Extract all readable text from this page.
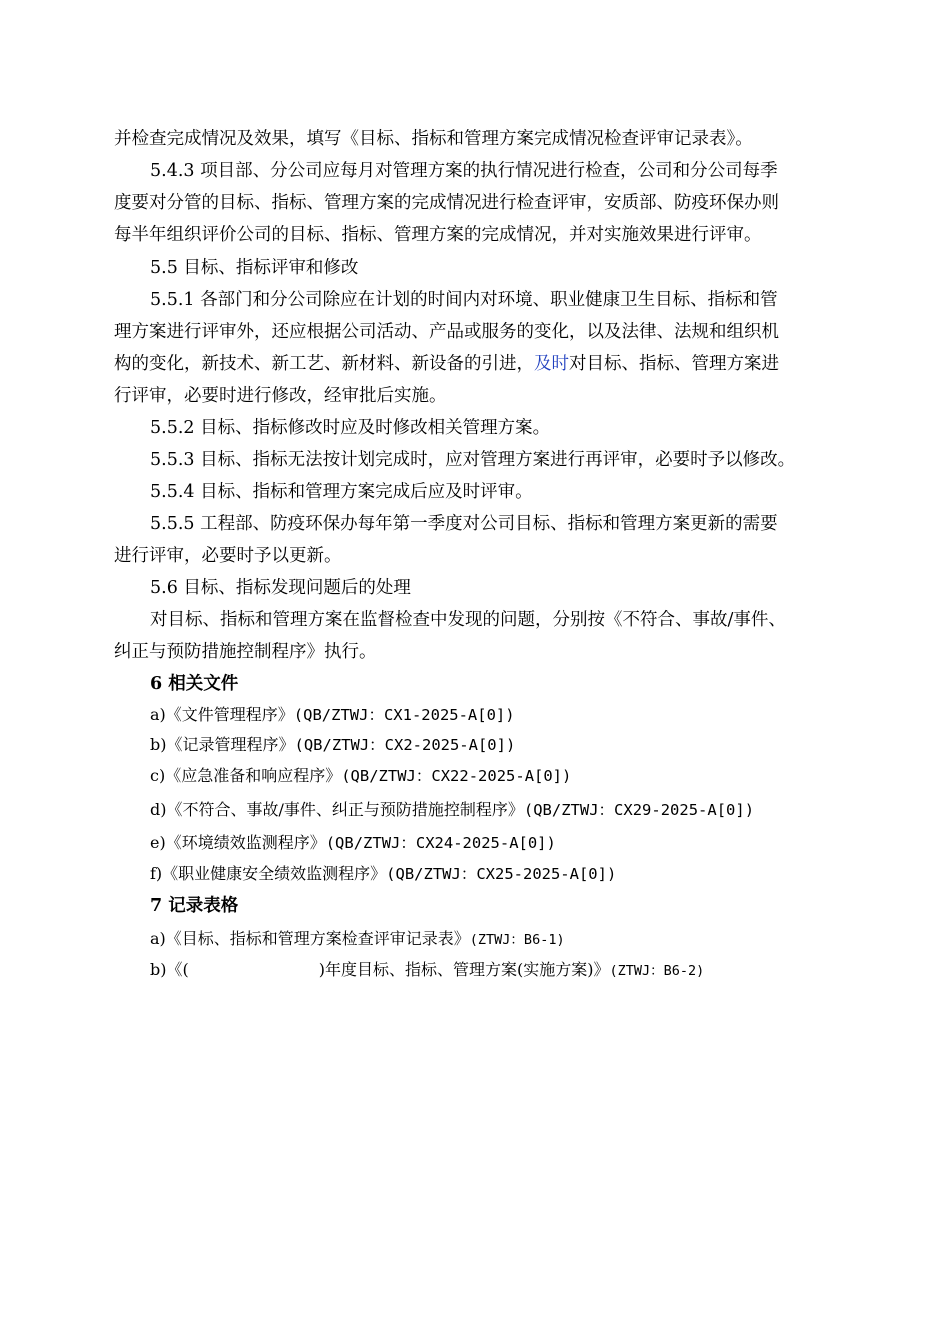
并检查完成情况及效果，填写《目标、指标和管理方案完成情况检查评审记录表》。
5.4.3 项目部、分公司应每月对管理方案的执行情况进行检查，公司和分公司每季
度要对分管的目标、指标、管理方案的完成情况进行检查评审，安质部、防疫环保办则
每半年组织评价公司的目标、指标、管理方案的完成情况，并对实施效果进行评审。
5.5 目标、指标评审和修改
5.5.1 各部门和分公司除应在计划的时间内对环境、职业健康卫生目标、指标和管
理方案进行评审外，还应根据公司活动、产品或服务的变化，以及法律、法规和组织机
构的变化，新技术、新工艺、新材料、新设备的引进，及时对目标、指标、管理方案进
行评审，必要时进行修改，经审批后实施。
5.5.2 目标、指标修改时应及时修改相关管理方案。
5.5.3 目标、指标无法按计划完成时，应对管理方案进行再评审，必要时予以修改。
5.5.4 目标、指标和管理方案完成后应及时评审。
5.5.5 工程部、防疫环保办每年第一季度对公司目标、指标和管理方案更新的需要
进行评审，必要时予以更新。
5.6 目标、指标发现问题后的处理
对目标、指标和管理方案在监督检查中发现的问题，分别按《不符合、事故/事件、
纠正与预防措施控制程序》执行。
6 相关文件
a)《文件管理程序》(QB/ZTWJ：CX1-2025-A[0])
b)《记录管理程序》(QB/ZTWJ：CX2-2025-A[0])
c)《应急准备和响应程序》(QB/ZTWJ：CX22-2025-A[0])
d)《不符合、事故/事件、纠正与预防措施控制程序》(QB/ZTWJ：CX29-2025-A[0])
e)《环境绩效监测程序》(QB/ZTWJ：CX24-2025-A[0])
f)《职业健康安全绩效监测程序》(QB/ZTWJ：CX25-2025-A[0])
7 记录表格
a)《目标、指标和管理方案检查评审记录表》(ZTWJ：B6-1)
b)《(	)年度目标、指标、管理方案(实施方案)》(ZTWJ：B6-2)
